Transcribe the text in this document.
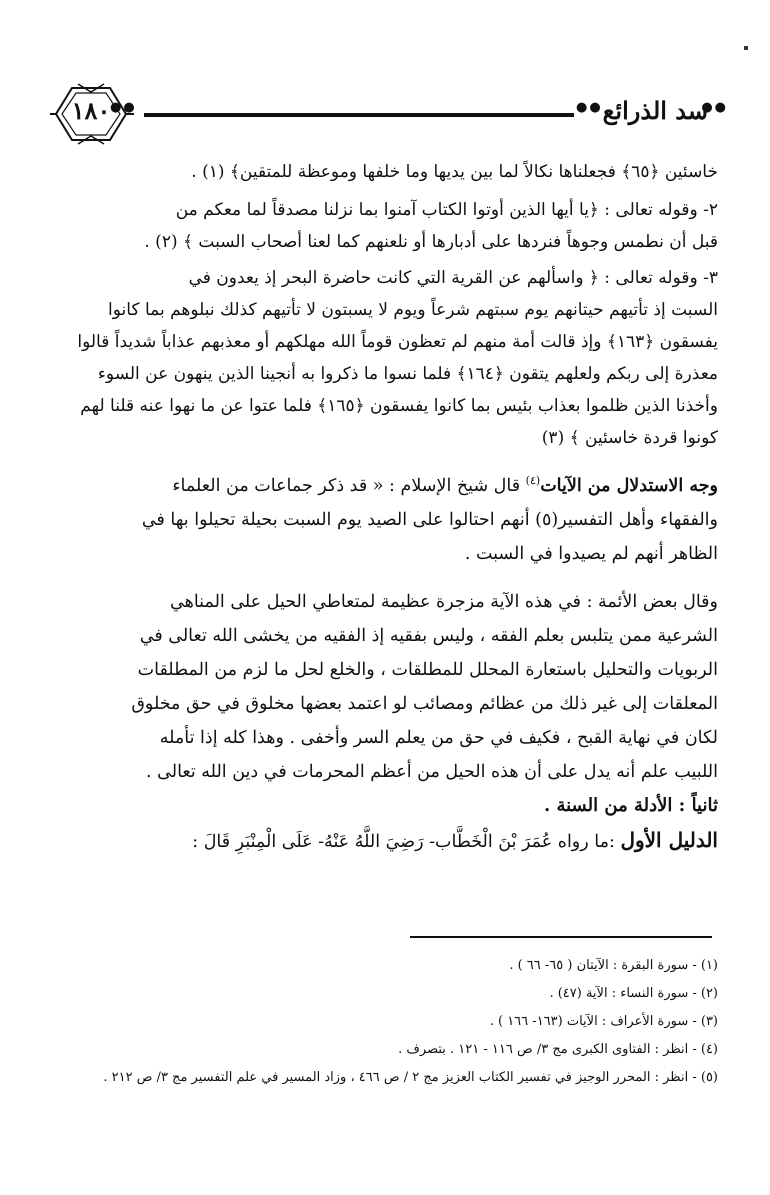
١٨٠ ●●	●● سد الذرائع
●●

خاسئين ﴿٦٥﴾ فجعلناها نكالاً لما بين يديها وما خلفها وموعظة للمتقين﴾ (١) .

٢- وقوله تعالى : ﴿يا أيها الذين أوتوا الكتاب آمنوا بما نزلنا مصدقاً لما معكم من

قبل أن نطمس وجوهاً فنردها على أدبارها أو نلعنهم كما لعنا أصحاب السبت ﴾ (٢) .

٣- وقوله تعالى : ﴿ واسألهم عن القرية التي كانت حاضرة البحر إذ يعدون في

السبت إذ تأتيهم حيتانهم يوم سبتهم شرعاً ويوم لا يسبتون لا تأتيهم كذلك نبلوهم بما كانوا

يفسقون ﴿١٦٣﴾ وإذ قالت أمة منهم لم تعظون قوماً الله مهلكهم أو معذبهم عذاباً شديداً قالوا

معذرة إلى ربكم ولعلهم يتقون ﴿١٦٤﴾ فلما نسوا ما ذكروا به أنجينا الذين ينهون عن السوء

وأخذنا الذين ظلموا بعذاب بئيس بما كانوا يفسقون ﴿١٦٥﴾ فلما عتوا عن ما نهوا عنه قلنا لهم

كونوا قردة خاسئين ﴾ (٣)

وجه الاستدلال من الآيات$^{(٤)}$ قال شيخ الإسلام : « قد ذكر جماعات من العلماء

والفقهاء وأهل التفسير(٥) أنهم احتالوا على الصيد يوم السبت بحيلة تحيلوا بها في

الظاهر أنهم لم يصيدوا في السبت .

وقال بعض الأئمة : في هذه الآية مزجرة عظيمة لمتعاطي الحيل على المناهي

الشرعية ممن يتلبس بعلم الفقه ، وليس بفقيه إذ الفقيه من يخشى الله تعالى في

الربويات والتحليل باستعارة المحلل للمطلقات ، والخلع لحل ما لزم من المطلقات

المعلقات إلى غير ذلك من عظائم ومصائب لو اعتمد بعضها مخلوق في حق مخلوق

لكان في نهاية القبح ، فكيف في حق من يعلم السر وأخفى . وهذا كله إذا تأمله

اللبيب علم أنه يدل على أن هذه الحيل من أعظم المحرمات في دين الله تعالى .

ثانياً : الأدلة من السنة .

الدليل الأول :ما رواه عُمَرَ بْنَ الْخَطَّاب- رَضِيَ اللَّهُ عَنْهُ- عَلَى الْمِنْبَرِ قَالَ :

(١) - سورة البقرة : الآيتان ( ٦٥- ٦٦ ) .
(٢) - سورة النساء : الآية (٤٧) .
(٣) - سورة الأعراف : الآيات (١٦٣- ١٦٦ ) .
(٤) - انظر : الفتاوى الكبرى مج ٣/ ص ١١٦ - ١٢١ . بتصرف .
(٥) - انظر : المحرر الوجيز في تفسير الكتاب العزيز مج ٢ / ص ٤٦٦ ، وزاد المسير في علم التفسير مج ٣/ ص ٢١٢ .
